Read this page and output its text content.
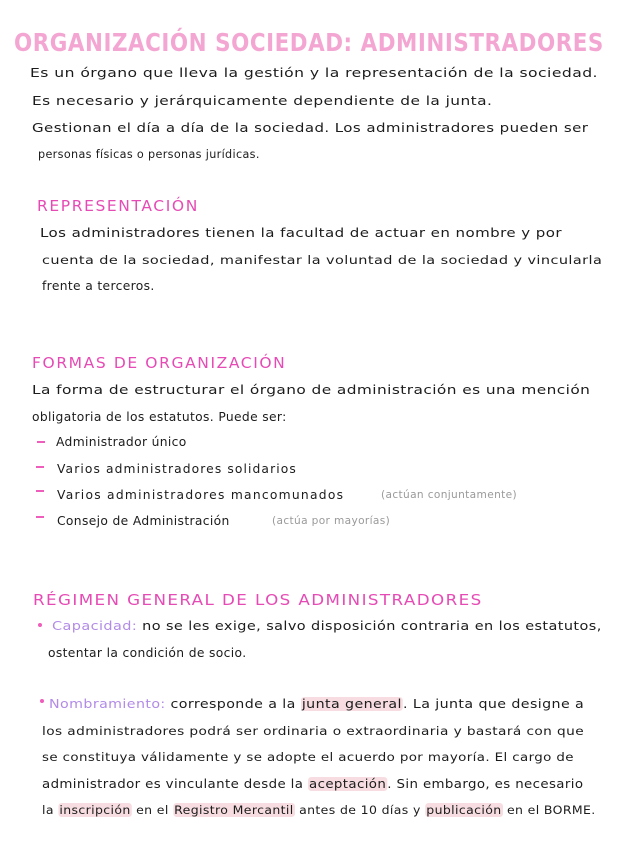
ORGANIZACIÓN SOCIEDAD: ADMINISTRADORES
Es un órgano que lleva la gestión y la representación de la sociedad.
Es necesario y jerárquicamente dependiente de la junta.
Gestionan el día a día de la sociedad. Los administradores pueden ser
personas físicas o personas jurídicas.
REPRESENTACIÓN
Los administradores tienen la facultad de actuar en nombre y por
cuenta de la sociedad, manifestar la voluntad de la sociedad y vincularla
frente a terceros.
FORMAS DE ORGANIZACIÓN
La forma de estructurar el órgano de administración es una mención
obligatoria de los estatutos. Puede ser:
Administrador único
Varios administradores solidarios
Varios administradores mancomunados	(actúan conjuntamente)
Consejo de Administración	(actúa por mayorías)
RÉGIMEN GENERAL DE LOS ADMINISTRADORES
Capacidad: no se les exige, salvo disposición contraria en los estatutos,
ostentar la condición de socio.
Nombramiento: corresponde a la junta general. La junta que designe a
los administradores podrá ser ordinaria o extraordinaria y bastará con que
se constituya válidamente y se adopte el acuerdo por mayoría. El cargo de
administrador es vinculante desde la aceptación. Sin embargo, es necesario
la inscripción en el Registro Mercantil antes de 10 días y publicación en el BORME.
